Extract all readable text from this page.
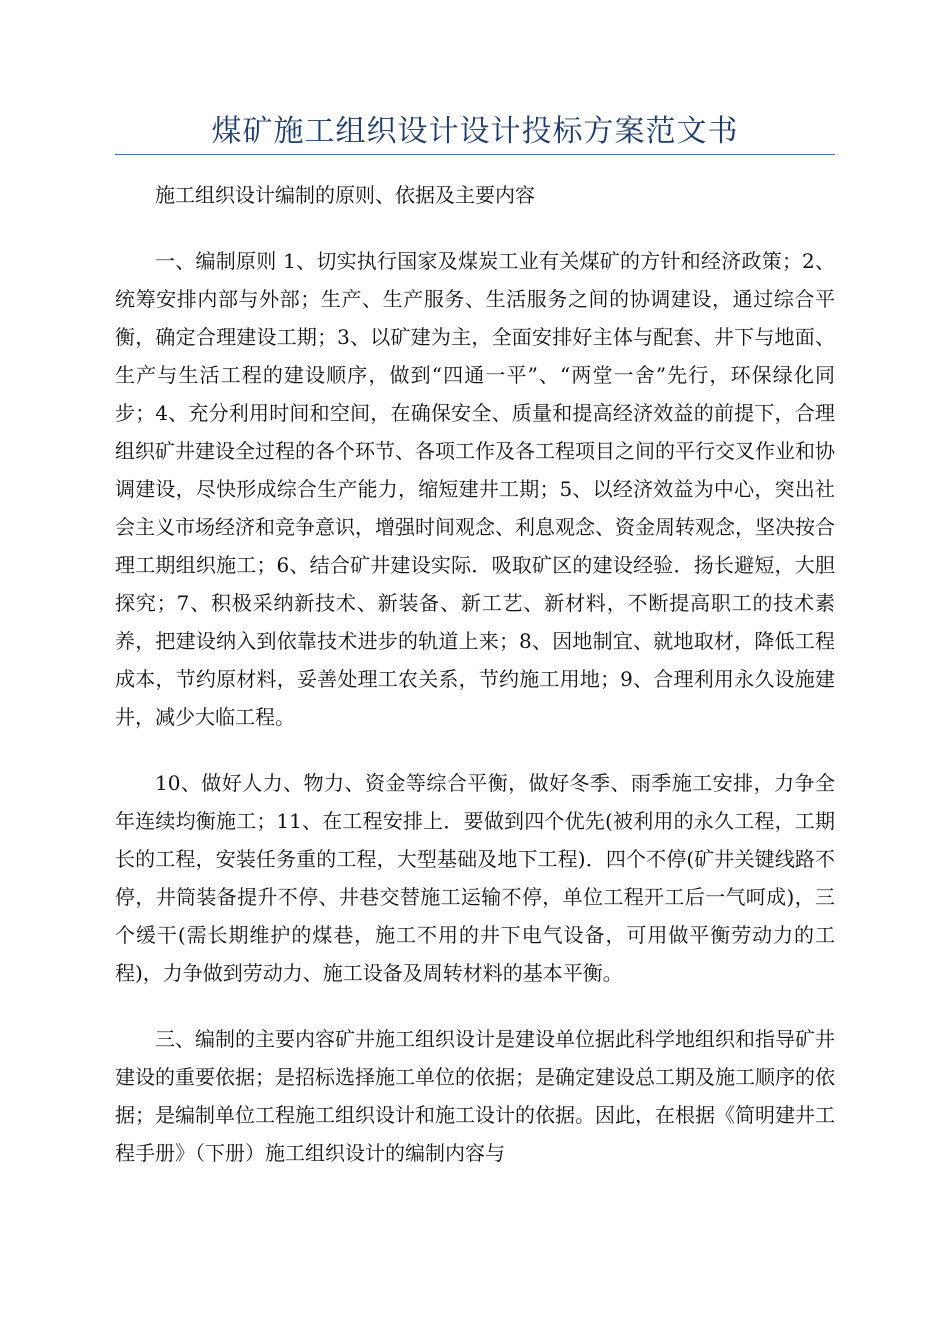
煤矿施工组织设计设计投标方案范文书

施工组织设计编制的原则、依据及主要内容

一、编制原则 1、切实执行国家及煤炭工业有关煤矿的方针和经济政策；2、统筹安排内部与外部；生产、生产服务、生活服务之间的协调建设，通过综合平衡，确定合理建设工期；3、以矿建为主，全面安排好主体与配套、井下与地面、生产与生活工程的建设顺序，做到“四通一平”、“两堂一舍”先行，环保绿化同步；4、充分利用时间和空间，在确保安全、质量和提高经济效益的前提下，合理组织矿井建设全过程的各个环节、各项工作及各工程项目之间的平行交叉作业和协调建设，尽快形成综合生产能力，缩短建井工期；5、以经济效益为中心，突出社会主义市场经济和竞争意识，增强时间观念、利息观念、资金周转观念，坚决按合理工期组织施工；6、结合矿井建设实际．吸取矿区的建设经验．扬长避短，大胆探究；7、积极采纳新技术、新装备、新工艺、新材料，不断提高职工的技术素养，把建设纳入到依靠技术进步的轨道上来；8、因地制宜、就地取材，降低工程成本，节约原材料，妥善处理工农关系，节约施工用地；9、合理利用永久设施建井，减少大临工程。

10、做好人力、物力、资金等综合平衡，做好冬季、雨季施工安排，力争全年连续均衡施工；11、在工程安排上．要做到四个优先(被利用的永久工程，工期长的工程，安装任务重的工程，大型基础及地下工程)．四个不停(矿井关键线路不停，井筒装备提升不停、井巷交替施工运输不停，单位工程开工后一气呵成)，三个缓干(需长期维护的煤巷，施工不用的井下电气设备，可用做平衡劳动力的工程)，力争做到劳动力、施工设备及周转材料的基本平衡。

三、编制的主要内容矿井施工组织设计是建设单位据此科学地组织和指导矿井建设的重要依据；是招标选择施工单位的依据；是确定建设总工期及施工顺序的依据；是编制单位工程施工组织设计和施工设计的依据。因此，在根据《简明建井工程手册》（下册）施工组织设计的编制内容与
